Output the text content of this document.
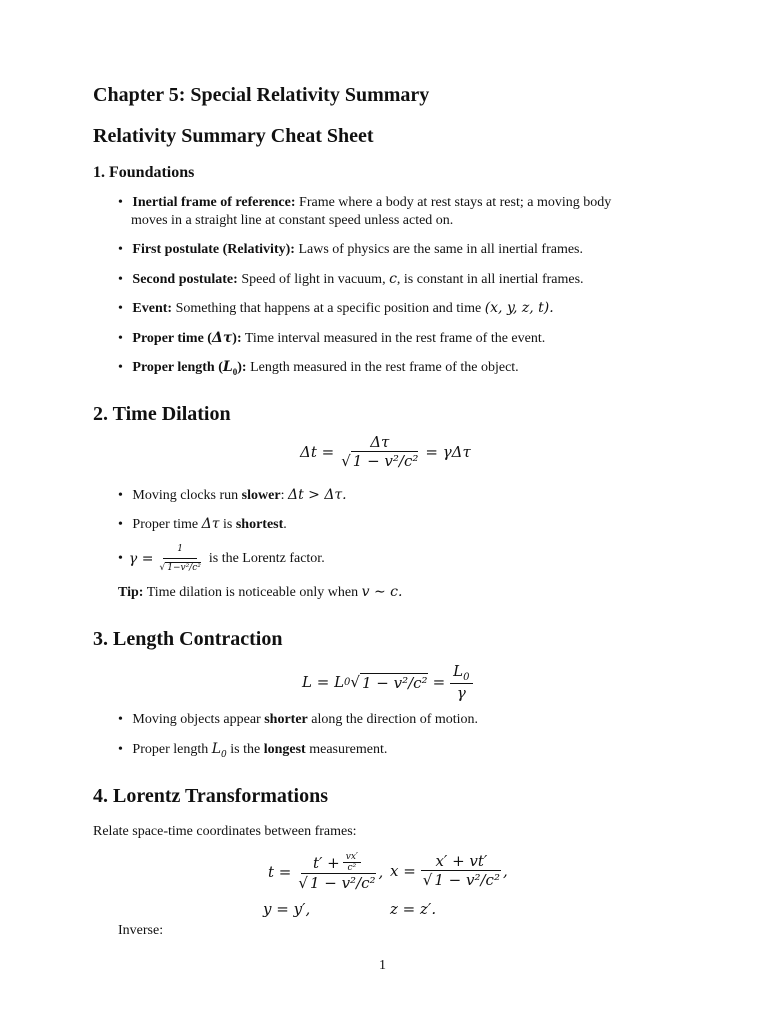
Chapter 5: Special Relativity Summary
Relativity Summary Cheat Sheet
1. Foundations
• Inertial frame of reference: Frame where a body at rest stays at rest; a moving body
moves in a straight line at constant speed unless acted on.
• First postulate (Relativity): Laws of physics are the same in all inertial frames.
• Second postulate: Speed of light in vacuum, c, is constant in all inertial frames.
• Event: Something that happens at a specific position and time (x, y, z, t).
• Proper time (Δτ): Time interval measured in the rest frame of the event.
• Proper length $(L_0)$: Length measured in the rest frame of the object.
2. Time Dilation
$\Delta t = \frac{\Delta\tau}{\text{√ 1 − v²/c²}} = \gamma\Delta\tau$
• Moving clocks run slower: Δt > Δτ.
• Proper time Δτ is shortest.
• $\gamma = \frac{1}{\text{√ 1−v²/c²}}$ is the Lorentz factor.
Tip: Time dilation is noticeable only when v ∼ c.
3. Length Contraction
L = L 0 √ $1 - v^2/c^2 = \frac{L_0}{\gamma}$
• Moving objects appear shorter along the direction of motion.
• Proper length $L_0$ is the longest measurement.
4. Lorentz Transformations
Relate space-time coordinates between frames:
$t = \frac{t' + \frac{vx'}{\text{c²}}}{\text{√ 1 − v²/c²}}$ , $x = \frac{x' + vt'}{\text{√ 1 − v²/c²}}$ ,
y = y′,	z = z′.
Inverse:
1
